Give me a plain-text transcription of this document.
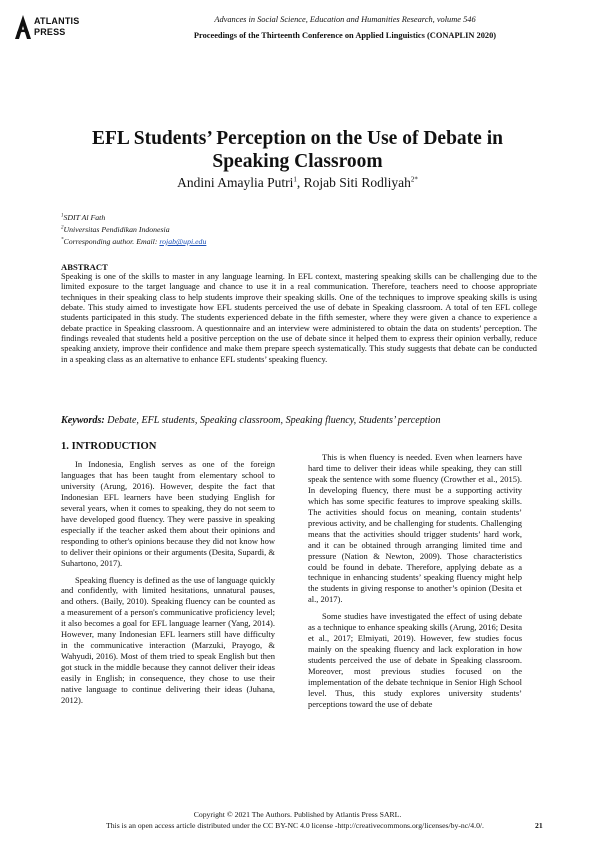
ATLANTIS
PRESS
Advances in Social Science, Education and Humanities Research, volume 546
Proceedings of the Thirteenth Conference on Applied Linguistics (CONAPLIN 2020)
EFL Students’ Perception on the Use of Debate in
Speaking Classroom
Andini Amaylia Putri$^1$, Rojab Siti Rodliyah$^{2*}$
$^1$SDIT Al Fath
$^2$Universitas Pendidikan Indonesia
*Corresponding author. Email: rojab@upi.edu
ABSTRACT
Speaking is one of the skills to master in any language learning. In EFL context, mastering speaking skills can be challenging due to the limited exposure to the target language and chance to use it in a real communication. Therefore, teachers need to choose appropriate techniques in their speaking class to help students improve their speaking skills. One of the techniques to improve speaking skills is using debate. This study aimed to investigate how EFL students perceived the use of debate in Speaking classroom. A total of ten EFL college students participated in this study. The students experienced debate in the fifth semester, where they were given a chance to experience a debate practice in Speaking classroom. A questionnaire and an interview were administered to obtain the data on students’ perception. The findings revealed that students held a positive perception on the use of debate since it helped them to express their opinion verbally, reduce speaking anxiety, improve their confidence and make them prepare speech systematically. This study suggests that debate can be conducted in a speaking class as an alternative to enhance EFL students’ speaking fluency.
Keywords: Debate, EFL students, Speaking classroom, Speaking fluency, Students’ perception
1. INTRODUCTION

In Indonesia, English serves as one of the foreign languages that has been taught from elementary school to university (Arung, 2016). However, despite the fact that Indonesian EFL learners have been studying English for several years, when it comes to speaking, they do not seem to have developed good fluency. They were passive in speaking especially if the teacher asked them about their opinions and responding to other's opinions because they did not know how to deliver their opinions or their arguments (Desita, Supardi, & Suhartono, 2017).

Speaking fluency is defined as the use of language quickly and confidently, with limited hesitations, unnatural pauses, and others. (Baily, 2010). Speaking fluency can be counted as a measurement of a person's communicative proficiency level; it also becomes a goal for EFL language learner (Yang, 2014). However, many Indonesian EFL learners still have difficulty in the communicative interaction (Marzuki, Prayogo, & Wahyudi, 2016). Most of them tried to speak English but then got stuck in the middle because they cannot deliver their ideas easily in English; in consequence, they chose to use their native language to continue delivering their ideas (Juhana, 2012).

This is when fluency is needed. Even when learners have hard time to deliver their ideas while speaking, they can still speak the sentence with some fluency (Crowther et al., 2015). In developing fluency, there must be a supporting activity which has some specific features to improve speaking skills. The activities should focus on meaning, contain students’ previous activity, and be challenging for students. Challenging means that the activities should trigger students’ hard work, and it can be obtained through arranging limited time and pressure (Nation & Newton, 2009). Those characteristics could be found in debate. Therefore, applying debate as a technique in enhancing students’ speaking fluency might help the students in giving response to another’s opinion (Desita et al., 2017).

Some studies have investigated the effect of using debate as a technique to enhance speaking skills (Arung, 2016; Desita et al., 2017; Elmiyati, 2019). However, few studies focus mainly on the speaking fluency and lack exploration in how students perceived the use of debate in Speaking classroom. Moreover, most previous studies focused on the implementation of the debate technique in Senior High School level. Thus, this study explores university students’ perceptions toward the use of debate

Copyright © 2021 The Authors. Published by Atlantis Press SARL.
This is an open access article distributed under the CC BY-NC 4.0 license -http://creativecommons.org/licenses/by-nc/4.0/.	21
